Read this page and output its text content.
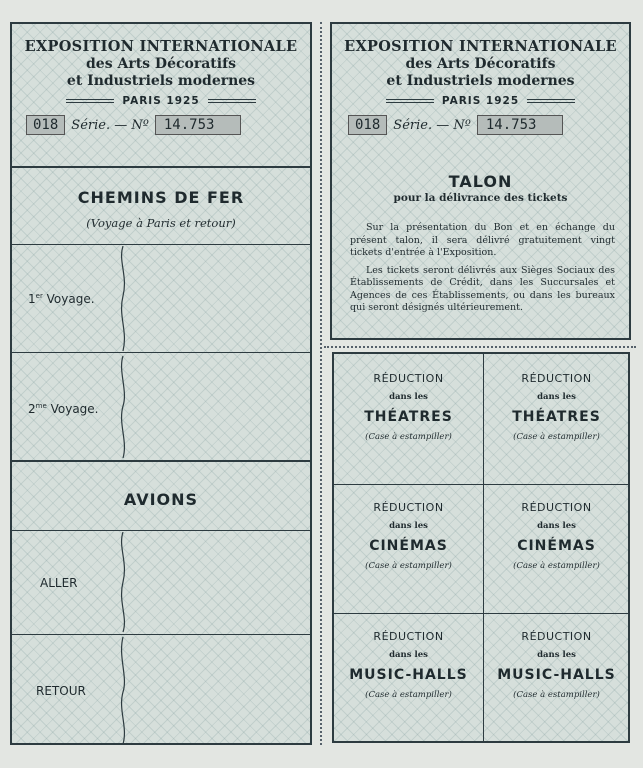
EXPOSITION INTERNATIONALE
des Arts Décoratifs
et Industriels modernes
PARIS 1925
018	Série. — Nº	14.753
CHEMINS DE FER
(Voyage à Paris et retour)
1er Voyage.
$2^{me}$ Voyage.
AVIONS
ALLER
RETOUR
EXPOSITION INTERNATIONALE
des Arts Décoratifs
et Industriels modernes
PARIS 1925
018	Série. — Nº	14.753
TALON
pour la délivrance des tickets

Sur la présentation du Bon et en échange du présent talon, il sera délivré gratuitement vingt tickets d'entrée à l'Exposition.

Les tickets seront délivrés aux Sièges Sociaux des Établissements de Crédit, dans les Succursales et Agences de ces Établissements, ou dans les bureaux qui seront désignés ultérieurement.

RÉDUCTION
dans les
THÉATRES
(Case à estampiller)
RÉDUCTION
dans les
THÉATRES
(Case à estampiller)
RÉDUCTION
dans les
CINÉMAS
(Case à estampiller)
RÉDUCTION
dans les
CINÉMAS
(Case à estampiller)
RÉDUCTION
dans les
MUSIC-HALLS
(Case à estampiller)
RÉDUCTION
dans les
MUSIC-HALLS
(Case à estampiller)
